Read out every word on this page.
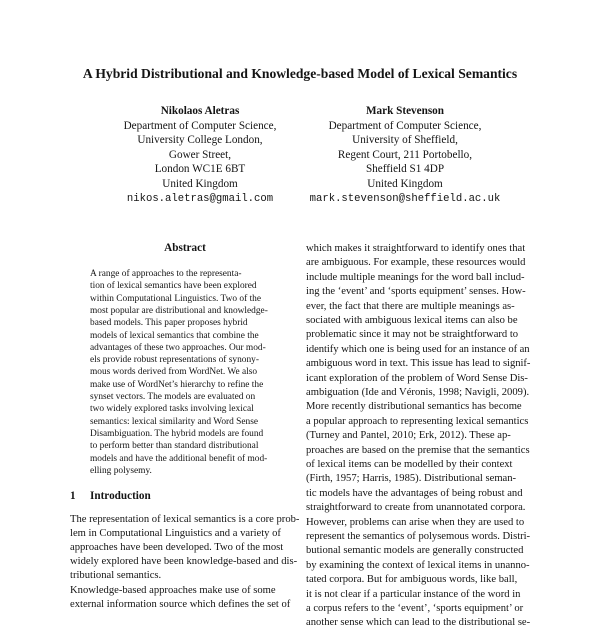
A Hybrid Distributional and Knowledge-based Model of Lexical Semantics
Nikolaos Aletras
Department of Computer Science,
University College London,
Gower Street,
London WC1E 6BT
United Kingdom
nikos.aletras@gmail.com
Mark Stevenson
Department of Computer Science,
University of Sheffield,
Regent Court, 211 Portobello,
Sheffield S1 4DP
United Kingdom
mark.stevenson@sheffield.ac.uk
Abstract
A range of approaches to the representa-
tion of lexical semantics have been explored
within Computational Linguistics. Two of the
most popular are distributional and knowledge-
based models. This paper proposes hybrid
models of lexical semantics that combine the
advantages of these two approaches. Our mod-
els provide robust representations of synony-
mous words derived from WordNet. We also
make use of WordNet’s hierarchy to refine the
synset vectors. The models are evaluated on
two widely explored tasks involving lexical
semantics: lexical similarity and Word Sense
Disambiguation. The hybrid models are found
to perform better than standard distributional
models and have the additional benefit of mod-
elling polysemy.
1 Introduction
The representation of lexical semantics is a core prob-
lem in Computational Linguistics and a variety of
approaches have been developed. Two of the most
widely explored have been knowledge-based and dis-
tributional semantics.
Knowledge-based approaches make use of some
external information source which defines the set of
which makes it straightforward to identify ones that
are ambiguous. For example, these resources would
include multiple meanings for the word ball includ-
ing the ‘event’ and ‘sports equipment’ senses. How-
ever, the fact that there are multiple meanings as-
sociated with ambiguous lexical items can also be
problematic since it may not be straightforward to
identify which one is being used for an instance of an
ambiguous word in text. This issue has lead to signif-
icant exploration of the problem of Word Sense Dis-
ambiguation (Ide and Véronis, 1998; Navigli, 2009).
More recently distributional semantics has become
a popular approach to representing lexical semantics
(Turney and Pantel, 2010; Erk, 2012). These ap-
proaches are based on the premise that the semantics
of lexical items can be modelled by their context
(Firth, 1957; Harris, 1985). Distributional seman-
tic models have the advantages of being robust and
straightforward to create from unannotated corpora.
However, problems can arise when they are used to
represent the semantics of polysemous words. Distri-
butional semantic models are generally constructed
by examining the context of lexical items in unanno-
tated corpora. But for ambiguous words, like ball,
it is not clear if a particular instance of the word in
a corpus refers to the ‘event’, ‘sports equipment’ or
another sense which can lead to the distributional se-
